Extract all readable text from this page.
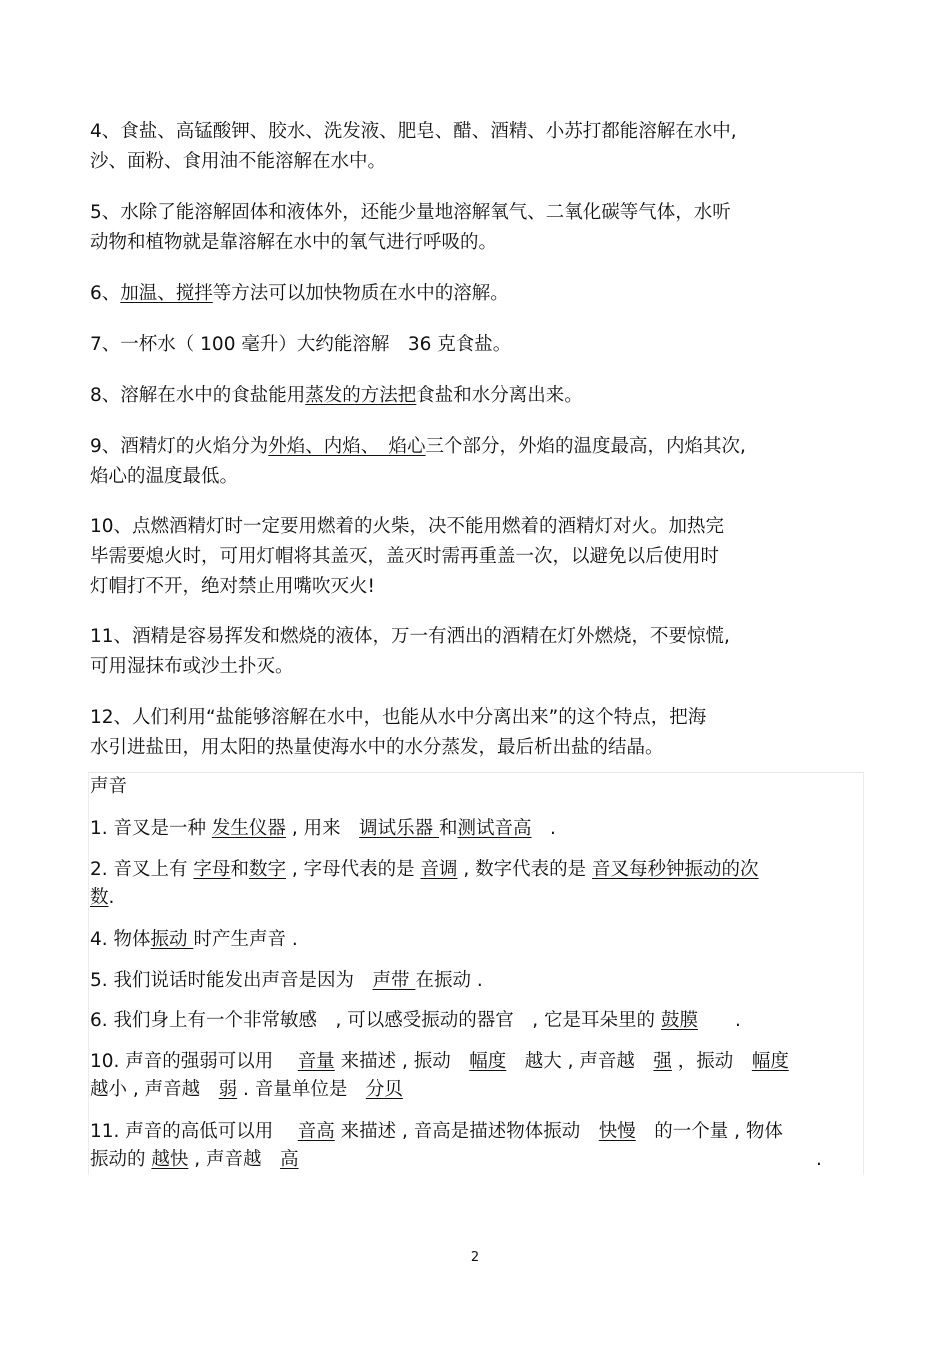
4、食盐、高锰酸钾、胶水、洗发液、肥皂、醋、酒精、小苏打都能溶解在水中,
沙、面粉、食用油不能溶解在水中。
5、水除了能溶解固体和液体外，还能少量地溶解氧气、二氧化碳等气体，水听
动物和植物就是靠溶解在水中的氧气进行呼吸的。
6、加温、搅拌等方法可以加快物质在水中的溶解。
7、一杯水（ 100 毫升）大约能溶解　36 克食盐。
8、溶解在水中的食盐能用蒸发的方法把食盐和水分离出来。
9、酒精灯的火焰分为外焰、内焰、　焰心三个部分，外焰的温度最高，内焰其次,
焰心的温度最低。
10、点燃酒精灯时一定要用燃着的火柴，决不能用燃着的酒精灯对火。加热完
毕需要熄火时，可用灯帽将其盖灭，盖灭时需再重盖一次，以避免以后使用时
灯帽打不开，绝对禁止用嘴吹灭火!
11、酒精是容易挥发和燃烧的液体，万一有洒出的酒精在灯外燃烧，不要惊慌,
可用湿抹布或沙土扑灭。
12、人们利用“盐能够溶解在水中，也能从水中分离出来”的这个特点，把海
水引进盐田，用太阳的热量使海水中的水分蒸发，最后析出盐的结晶。
声音
1. 音叉是一种 发生仪器 , 用来　调试乐器 和测试音高　.
2. 音叉上有 字母和数字 , 字母代表的是 音调 , 数字代表的是 音叉每秒钟振动的次
数.
4. 物体振动 时产生声音 .
5. 我们说话时能发出声音是因为　声带 在振动 .
6. 我们身上有一个非常敏感　, 可以感受振动的器官　, 它是耳朵里的 鼓膜　　.
10. 声音的强弱可以用　 音量 来描述 , 振动　幅度　越大 , 声音越　强 ，振动　幅度
越小 , 声音越　弱 . 音量单位是　分贝
11. 声音的高低可以用　 音高 来描述 , 音高是描述物体振动　快慢　的一个量 , 物体
振动的 越快 , 声音越　高	.
2
